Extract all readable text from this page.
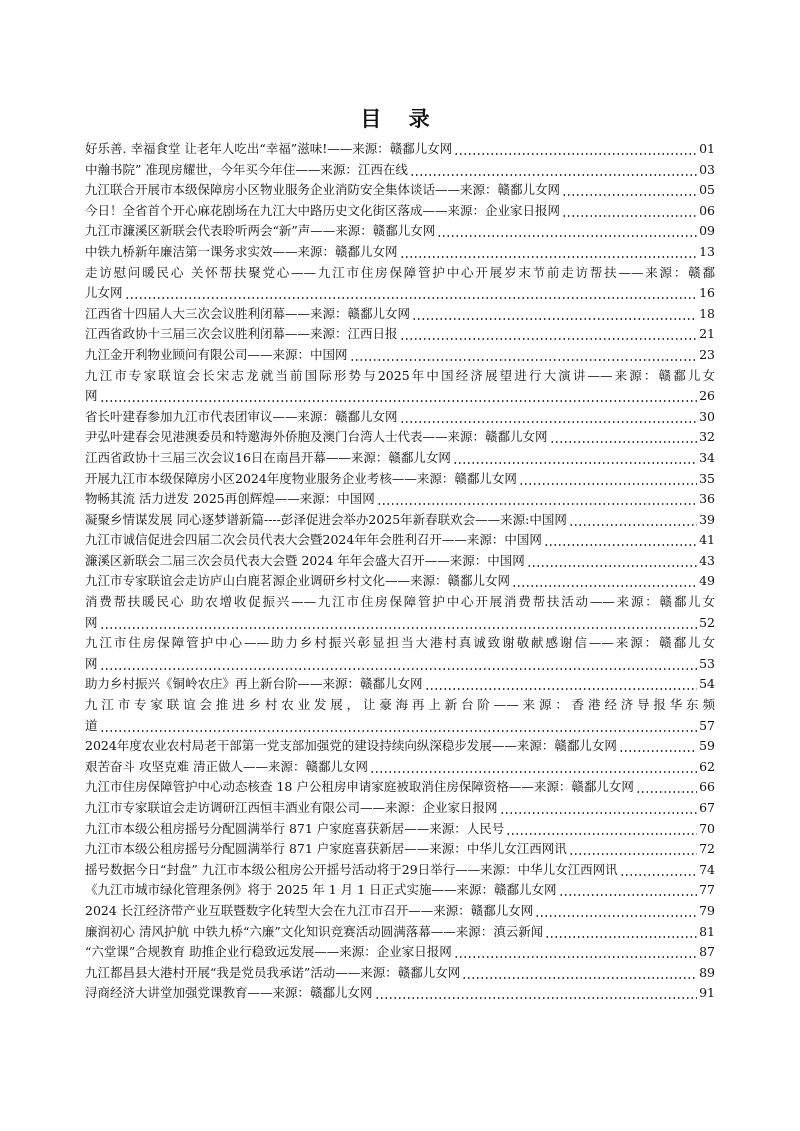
目 录
好乐善. 幸福食堂 让老年人吃出“幸福”滋味!——来源：赣鄱儿女网	01
中瀚书院” 准现房耀世，今年买今年住——来源：江西在线	03
九江联合开展市本级保障房小区物业服务企业消防安全集体谈话——来源：赣鄱儿女网	05
今日！全省首个开心麻花剧场在九江大中路历史文化街区落成——来源：企业家日报网	06
九江市濂溪区新联会代表聆听两会“新”声——来源：赣鄱儿女网	09
中铁九桥新年廉洁第一课务求实效——来源：赣鄱儿女网	13
走访慰问暖民心 关怀帮扶聚党心——九江市住房保障管护中心开展岁末节前走访帮扶——来源：赣鄱
儿女网	16
江西省十四届人大三次会议胜利闭幕——来源：赣鄱儿女网	18
江西省政协十三届三次会议胜利闭幕——来源：江西日报	21
九江金开利物业顾问有限公司——来源：中国网	23
九江市专家联谊会长宋志龙就当前国际形势与2025年中国经济展望进行大演讲——来源：赣鄱儿女
网	26
省长叶建春参加九江市代表团审议——来源：赣鄱儿女网	30
尹弘叶建春会见港澳委员和特邀海外侨胞及澳门台湾人士代表——来源：赣鄱儿女网	32
江西省政协十三届三次会议16日在南昌开幕——来源：赣鄱儿女网	34
开展九江市本级保障房小区2024年度物业服务企业考核——来源：赣鄱儿女网	35
物畅其流 活力迸发 2025再创辉煌——来源：中国网	36
凝聚乡情谋发展 同心逐梦谱新篇----彭泽促进会举办2025年新春联欢会——来源:中国网	39
九江市诚信促进会四届二次会员代表大会暨2024年年会胜利召开——来源：中国网	41
濂溪区新联会二届三次会员代表大会暨 2024 年年会盛大召开——来源：中国网	43
九江市专家联谊会走访庐山白鹿茗源企业调研乡村文化——来源：赣鄱儿女网	49
消费帮扶暖民心 助农增收促振兴——九江市住房保障管护中心开展消费帮扶活动——来源：赣鄱儿女
网	52
九江市住房保障管护中心——助力乡村振兴彰显担当大港村真诚致谢敬献感谢信——来源：赣鄱儿女
网	53
助力乡村振兴《铜岭农庄》再上新台阶——来源：赣鄱儿女网	54
九江市专家联谊会推进乡村农业发展，让豪海再上新台阶——来源：香港经济导报华东频
道	57
2024年度农业农村局老干部第一党支部加强党的建设持续向纵深稳步发展——来源：赣鄱儿女网	59
艰苦奋斗 攻坚克难 清正做人——来源：赣鄱儿女网	62
九江市住房保障管护中心动态核查 18 户公租房申请家庭被取消住房保障资格——来源：赣鄱儿女网	66
九江市专家联谊会走访调研江西恒丰酒业有限公司——来源：企业家日报网	67
九江市本级公租房摇号分配圆满举行 871 户家庭喜获新居——来源：人民号	70
九江市本级公租房摇号分配圆满举行 871 户家庭喜获新居——来源：中华儿女江西网讯	72
摇号数据今日“封盘” 九江市本级公租房公开摇号活动将于29日举行——来源：中华儿女江西网讯	74
《九江市城市绿化管理条例》将于 2025 年 1 月 1 日正式实施——来源：赣鄱儿女网	77
2024 长江经济带产业互联暨数字化转型大会在九江市召开——来源：赣鄱儿女网	79
廉润初心 清风护航 中铁九桥“六廉”文化知识竞赛活动圆满落幕——来源：滇云新闻	81
“六堂课”合规教育 助推企业行稳致远发展——来源：企业家日报网	87
九江都昌县大港村开展“我是党员我承诺”活动——来源：赣鄱儿女网	89
浔商经济大讲堂加强党课教育——来源：赣鄱儿女网	91
